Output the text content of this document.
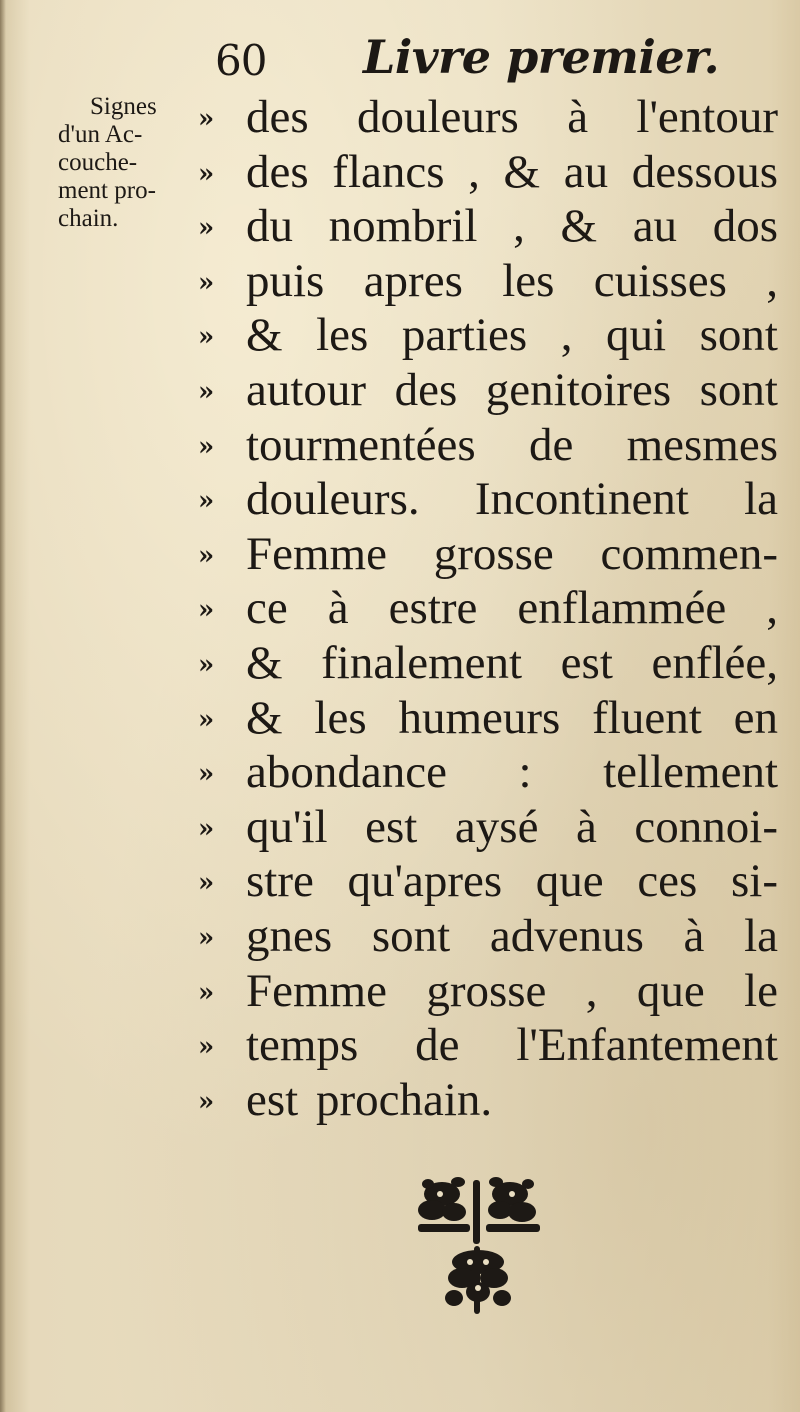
60 Livre premier.
Signes
d'un Ac-
couche-
ment pro-
chain.
» des douleurs à l'entour
» des flancs , & au dessous
» du nombril , & au dos
» puis apres les cuisses ,
» & les parties , qui sont
» autour des genitoires sont
» tourmentées de mesmes
» douleurs. Incontinent la
» Femme grosse commen-
» ce à estre enflammée ,
» & finalement est enflée,
» & les humeurs fluent en
» abondance : tellement
» qu'il est aysé à connoi-
» stre qu'apres que ces si-
» gnes sont advenus à la
» Femme grosse , que le
» temps de l'Enfantement
» est prochain.
